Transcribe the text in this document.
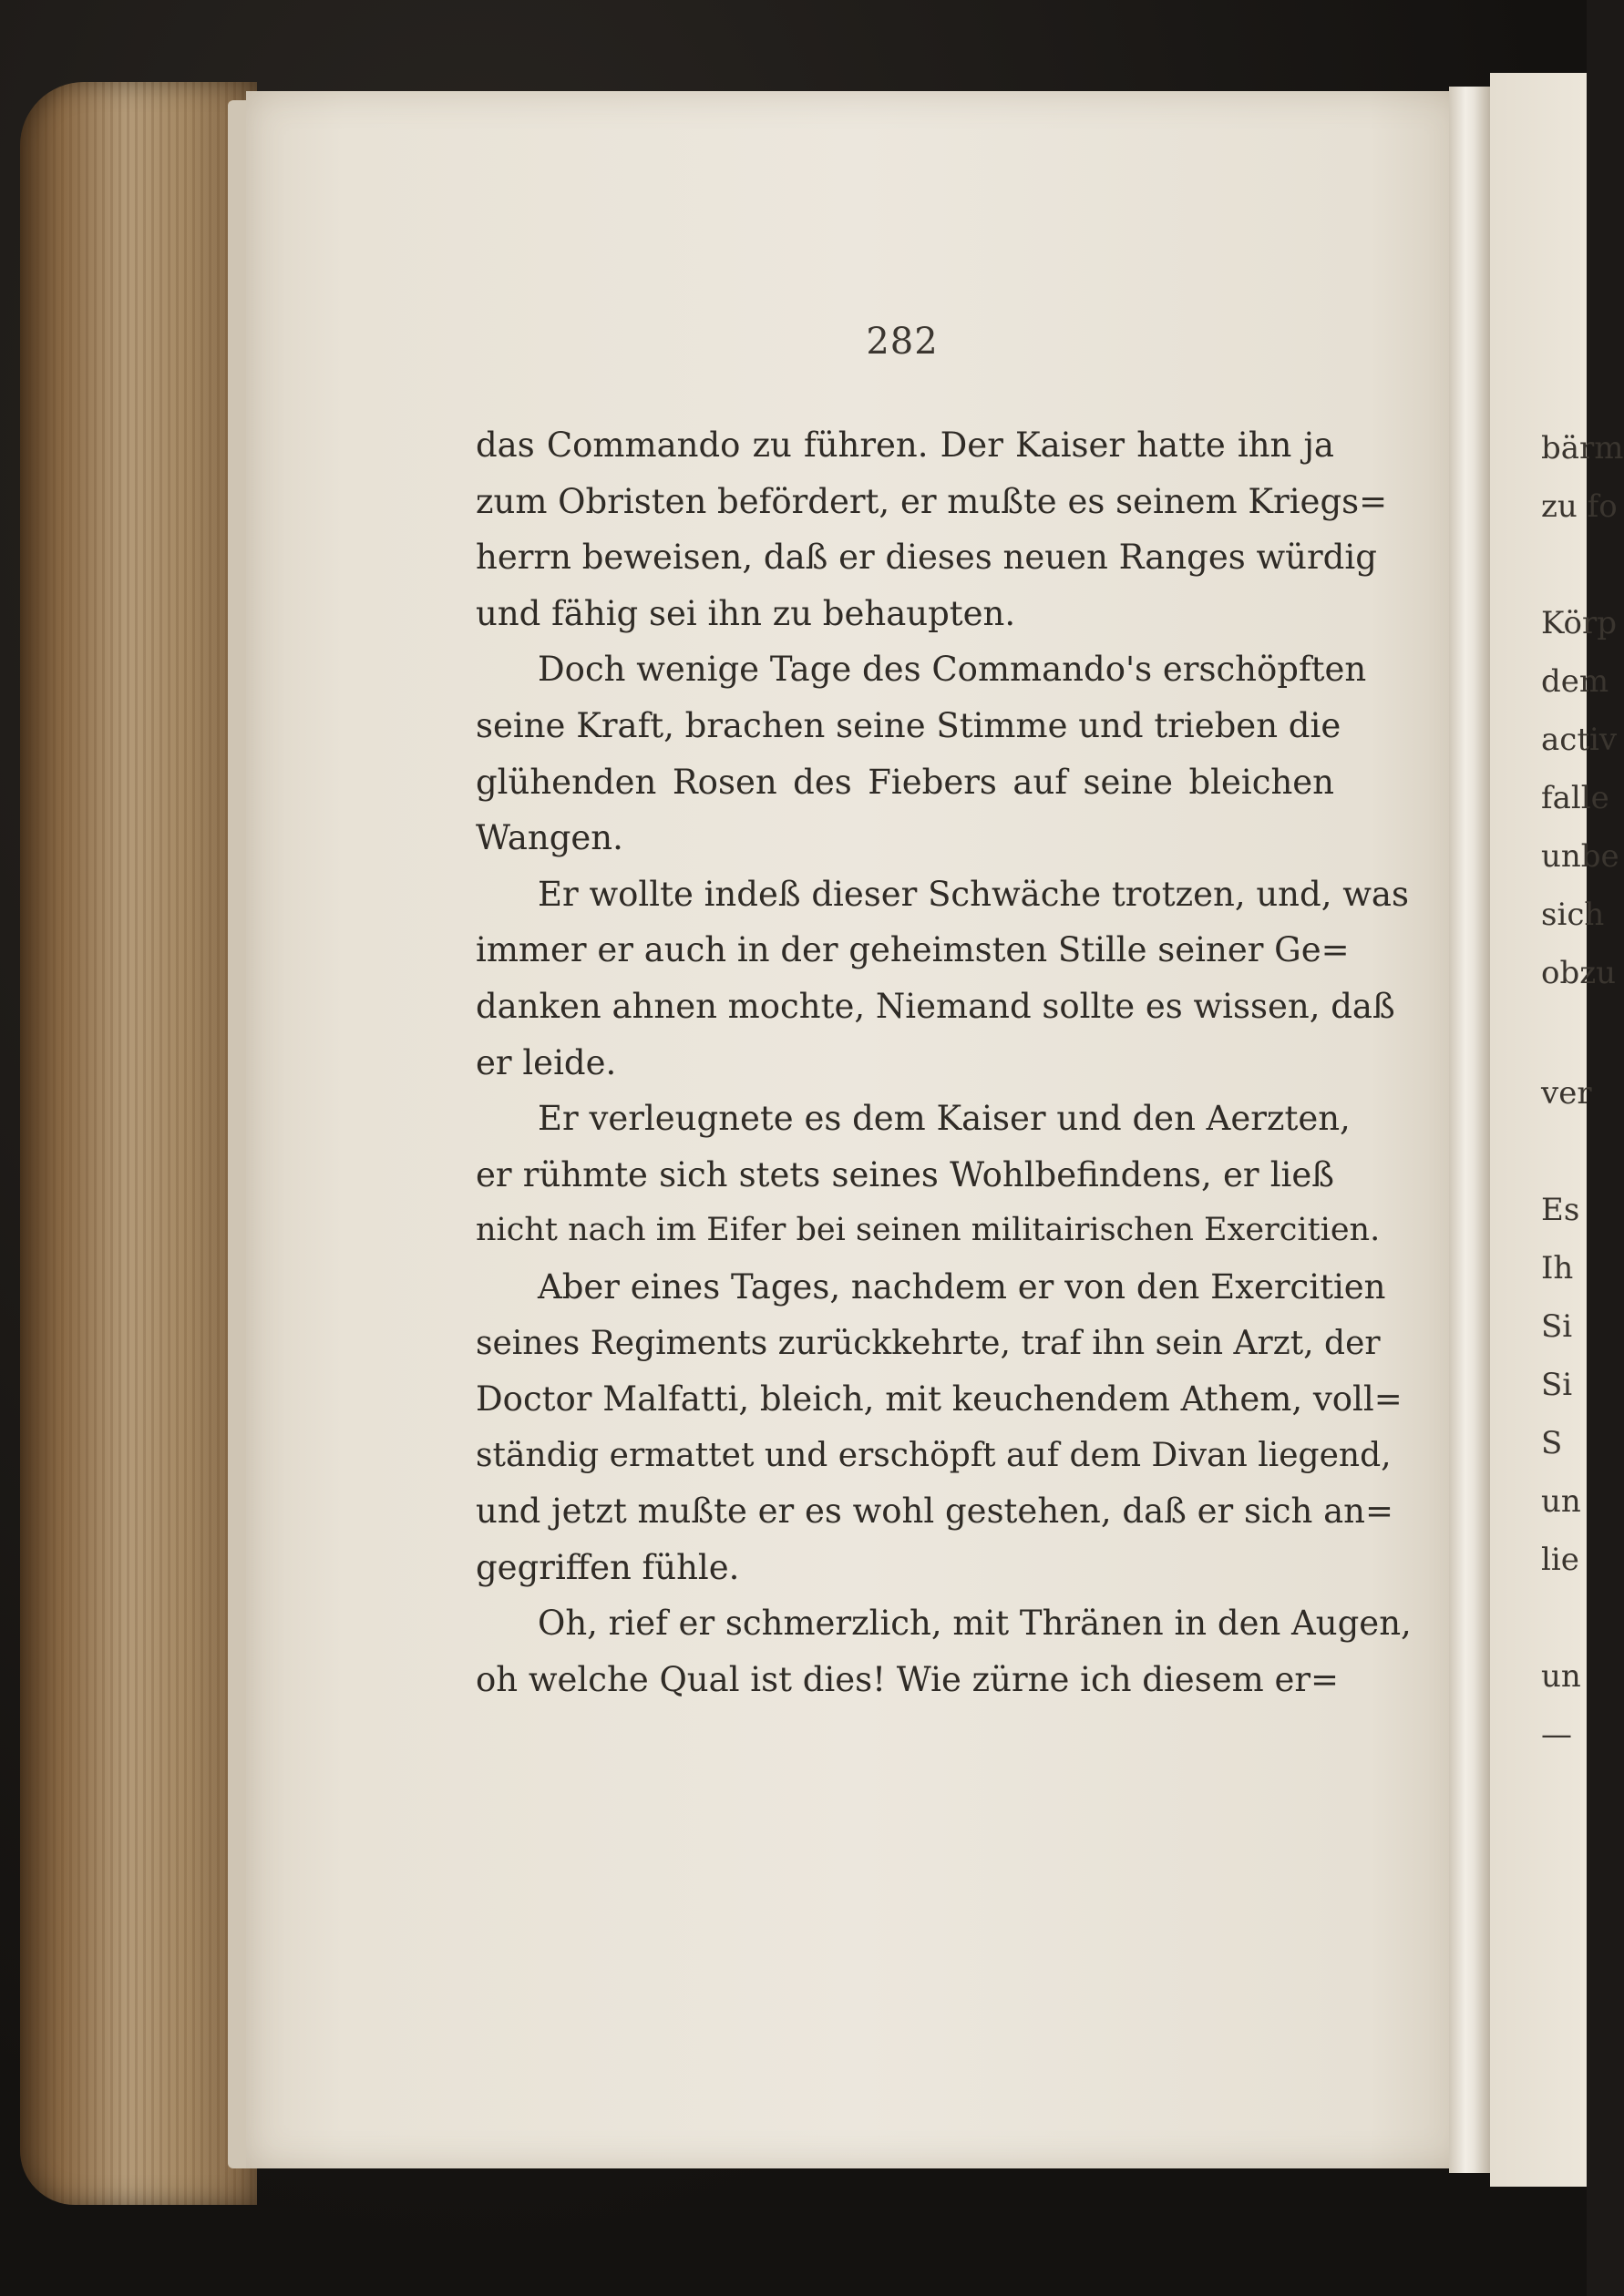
282
das Commando zu führen. Der Kaiser hatte ihn ja
zum Obristen befördert, er mußte es seinem Kriegs=
herrn beweisen, daß er dieses neuen Ranges würdig
und fähig sei ihn zu behaupten.
Doch wenige Tage des Commando's erschöpften
seine Kraft, brachen seine Stimme und trieben die
glühenden Rosen des Fiebers auf seine bleichen
Wangen.
Er wollte indeß dieser Schwäche trotzen, und, was
immer er auch in der geheimsten Stille seiner Ge=
danken ahnen mochte, Niemand sollte es wissen, daß
er leide.
Er verleugnete es dem Kaiser und den Aerzten,
er rühmte sich stets seines Wohlbefindens, er ließ
nicht nach im Eifer bei seinen militairischen Exercitien.
Aber eines Tages, nachdem er von den Exercitien
seines Regiments zurückkehrte, traf ihn sein Arzt, der
Doctor Malfatti, bleich, mit keuchendem Athem, voll=
ständig ermattet und erschöpft auf dem Divan liegend,
und jetzt mußte er es wohl gestehen, daß er sich an=
gegriffen fühle.
Oh, rief er schmerzlich, mit Thränen in den Augen,
oh welche Qual ist dies! Wie zürne ich diesem er=
bärm
zu fo
Körp
dem
activ
falle
unbe
sich
obzu
ver
Es
Ih
Si
Si
S
un
lie
un
—
